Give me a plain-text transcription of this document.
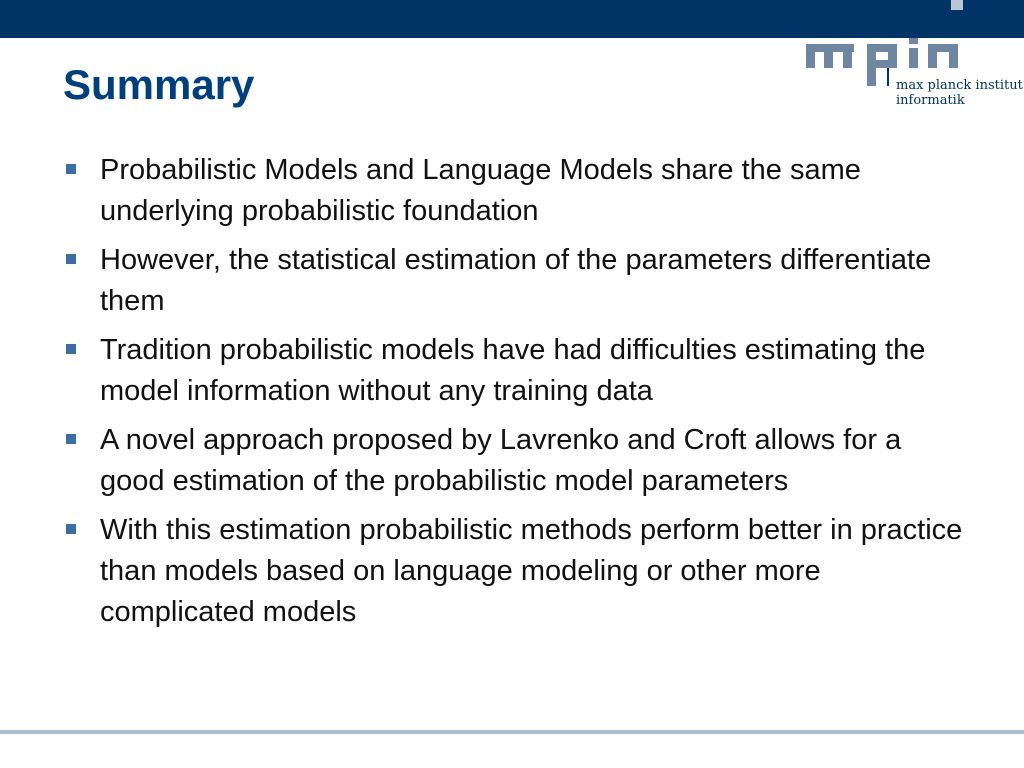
Summary	max planck institut
informatik
Probabilistic Models and Language Models share the same underlying probabilistic foundation
However, the statistical estimation of the parameters differentiate them
Tradition probabilistic models have had difficulties estimating the model information without any training data
A novel approach proposed by Lavrenko and Croft allows for a good estimation of the probabilistic model parameters
With this estimation probabilistic methods perform better in practice than models based on language modeling or other more complicated models
